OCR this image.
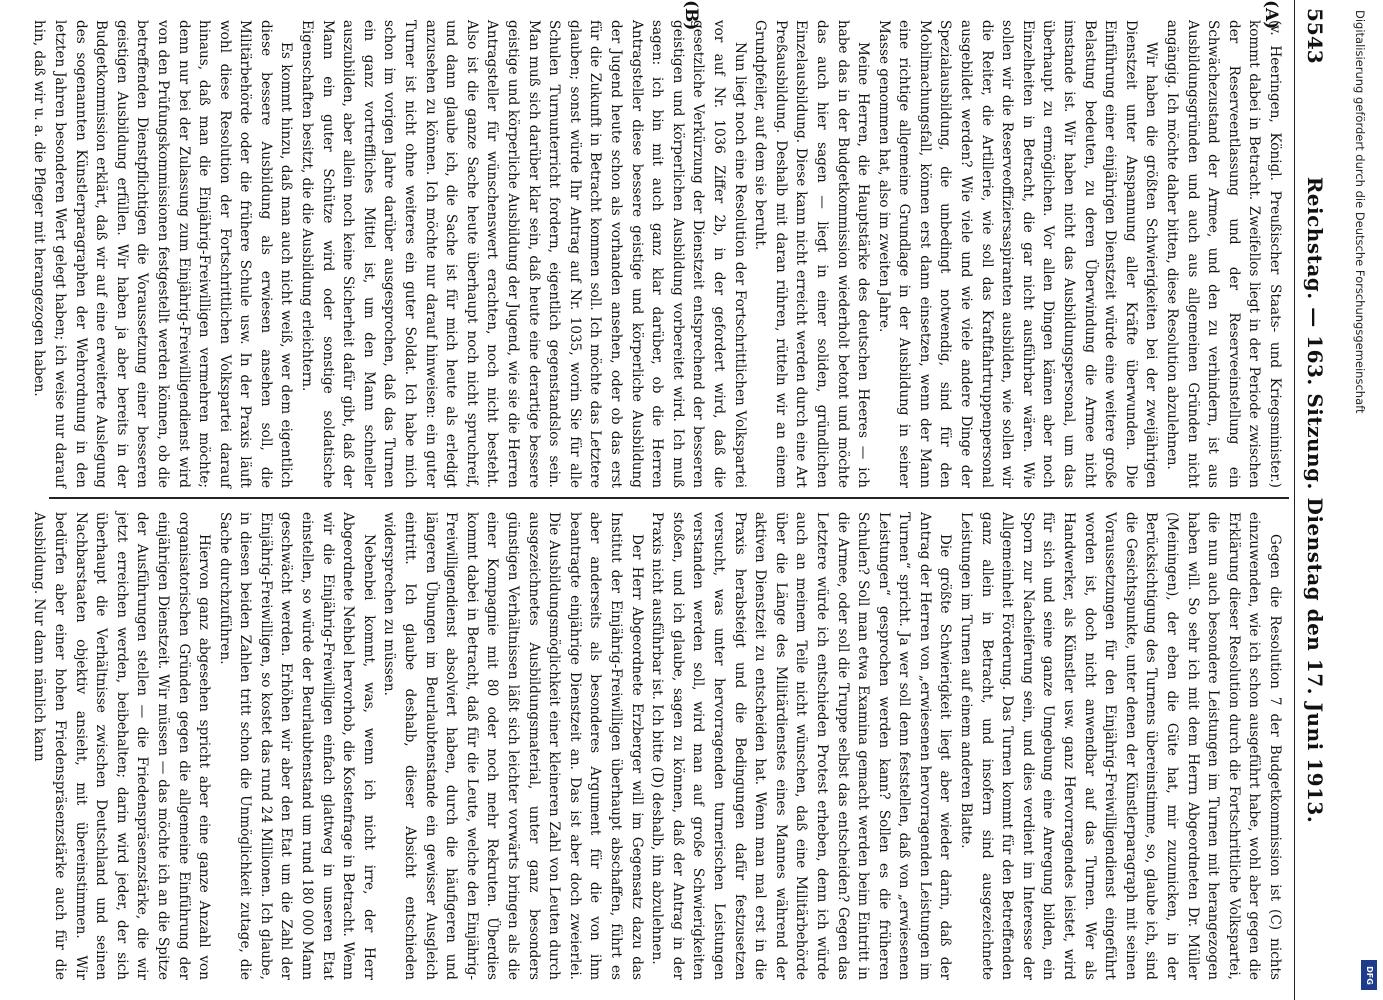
5543
Reichstag. — 163. Sitzung. Dienstag den 17. Juni 1913.
(A)
(B)

(v. Heeringen, Königl. Preußischer Staats- und Kriegsminister.) kommt dabei in Betracht. Zweifellos liegt in der Periode zwischen der Reserveentlassung und der Reserveeinstellung ein Schwächezustand der Armee, und den zu verhindern, ist aus Ausbildungsgründen und auch aus allgemeinen Gründen nicht angängig. Ich möchte daher bitten, diese Resolution abzulehnen.

Wir haben die größten Schwierigkeiten bei der zweijährigen Dienstzeit unter Anspannung aller Kräfte überwunden. Die Einführung einer einjährigen Dienstzeit würde eine weitere große Belastung bedeuten, zu deren Überwindung die Armee nicht imstande ist. Wir haben nicht das Ausbildungspersonal, um das überhaupt zu ermöglichen. Vor allen Dingen kämen aber noch Einzelheiten in Betracht, die gar nicht ausführbar wären. Wie sollen wir die Reserveoffiziersaspiranten ausbilden, wie sollen wir die Reiter, die Artillerie, wie soll das Kraftfahrtruppenpersonal ausgebildet werden? Wie viele und wie viele andere Dinge der Spezialausbildung, die unbedingt notwendig, sind für den Mobilmachungsfall, können erst dann einsetzen, wenn der Mann eine richtige allgemeine Grundlage in der Ausbildung in seiner Masse genommen hat, also im zweiten Jahre.

Meine Herren, die Hauptstärke des deutschen Heeres — ich habe das in der Budgetkommission wiederholt betont und möchte das auch hier sagen — liegt in einer soliden, gründlichen Einzelausbildung. Diese kann nicht erreicht werden durch eine Art Preßausbildung. Deshalb mit daran rühren, rütteln wir an einem Grundpfeiler, auf dem sie beruht.

Nun liegt noch eine Resolution der Fortschrittlichen Volkspartei vor auf Nr. 1036 Ziffer 2b, in der gefordert wird, daß die gesetzliche Verkürzung der Dienstzeit entsprechend der besseren geistigen und körperlichen Ausbildung vorbereitet wird. Ich muß sagen: ich bin mit auch ganz klar darüber, ob die Herren Antragsteller diese bessere geistige und körperliche Ausbildung der Jugend heute schon als vorhanden ansehen, oder ob das erst für die Zukunft in Betracht kommen soll. Ich möchte das Letztere glauben; sonst würde Ihr Antrag auf Nr. 1035, worin Sie für alle Schulen Turnunterricht fordern, eigentlich gegenstandslos sein. Man muß sich darüber klar sein, daß heute eine derartige bessere geistige und körperliche Ausbildung der Jugend, wie sie die Herren Antragsteller für wünschenswert erachten, noch nicht besteht. Also ist die ganze Sache heute überhaupt noch nicht spruchreif, und dann glaube ich, die Sache ist für mich heute als erledigt anzusehen zu können. Ich möchte nur darauf hinweisen: ein guter Turner ist nicht ohne weiteres ein guter Soldat. Ich habe mich schon im vorigen Jahre darüber ausgesprochen, daß das Turnen ein ganz vortreffliches Mittel ist, um den Mann schneller auszubilden, aber allein noch keine Sicherheit dafür gibt, daß der Mann ein guter Schütze wird oder sonstige soldatische Eigenschaften besitzt, die die Ausbildung erleichtern.

Es kommt hinzu, daß man auch nicht weiß, wer dem eigentlich diese bessere Ausbildung als erwiesen ansehen soll, die Militärbehörde oder die frühere Schule usw. In der Praxis läuft wohl diese Resolution der Fortschrittlichen Volkspartei darauf hinaus, daß man die Einjährig-Freiwilligen vermehren möchte; denn nur bei der Zulassung zum Einjährig-Freiwilligendienst wird von den Prüfungskommissionen festgestellt werden können, ob die betreffenden Dienstpflichtigen die Voraussetzung einer besseren geistigen Ausbildung erfüllen. Wir haben ja aber bereits in der Budgetkommission erklärt, daß wir auf eine erweiterte Auslegung des sogenannten Künstlerparagraphen der Wehrordnung in den letzten Jahren besonderen Wert gelegt haben; ich weise nur darauf hin, daß wir u. a. die Pfleger mit herangezogen haben.

Gegen die Resolution 7 der Budgetkommission ist (C) nichts einzuwenden, wie ich schon ausgeführt habe, wohl aber gegen die Erklärung dieser Resolution durch die Fortschrittliche Volkspartei, die nun auch besondere Leistungen im Turnen mit herangezogen haben will. So sehr ich mit dem Herrn Abgeordneten Dr. Müller (Meiningen), der eben die Güte hat, mir zuzunicken, in der Berücksichtigung des Turnens übereinstimme, so, glaube ich, sind die Gesichtspunkte, unter denen der Künstlerparagraph mit seinen Voraussetzungen für den Einjährig-Freiwilligendienst eingeführt worden ist, doch nicht anwendbar auf das Turnen. Wer als Handwerker, als Künstler usw. ganz Hervorragendes leistet, wird für sich und seine ganze Umgebung eine Anregung bilden, ein Sporn zur Nacheiferung sein, und dies verdient im Interesse der Allgemeinheit Förderung. Das Turnen kommt für den Betreffenden ganz allein in Betracht, und insofern sind ausgezeichnete Leistungen im Turnen auf einem anderen Blatte.

Die größte Schwierigkeit liegt aber wieder darin, daß der Antrag der Herren von „erwiesenen hervorragenden Leistungen im Turnen“ spricht. Ja wer soll denn feststellen, daß von „erwiesenen Leistungen“ gesprochen werden kann? Sollen es die früheren Schulen? Soll man etwa Examina gemacht werden beim Eintritt in die Armee, oder soll die Truppe selbst das entscheiden? Gegen das Letztere würde ich entschieden Protest erheben, denn ich würde auch an meinem Teile nicht wünschen, daß eine Militärbehörde über die Länge des Militärdienstes eines Mannes während der aktiven Dienstzeit zu entscheiden hat. Wenn man mal erst in die Praxis herabsteigt und die Bedingungen dafür festzusetzen versucht, was unter hervorragenden turnerischen Leistungen verstanden werden soll, wird man auf große Schwierigkeiten stoßen, und ich glaube, sagen zu können, daß der Antrag in der Praxis nicht ausführbar ist. Ich bitte (D) deshalb, ihn abzulehnen.

Der Herr Abgeordnete Erzberger will im Gegensatz dazu das Institut der Einjährig-Freiwilligen überhaupt abschaffen, führt es aber anderseits als besonderes Argument für die von ihm beantragte einjährige Dienstzeit an. Das ist aber doch zweierlei. Die Ausbildungsmöglichkeit einer kleineren Zahl von Leuten durch ausgezeichnetes Ausbildungsmaterial, unter ganz besonders günstigen Verhältnissen läßt sich leichter vorwärts bringen als die einer Kompagnie mit 80 oder noch mehr Rekruten. Überdies kommt dabei in Betracht, daß für die Leute, welche den Einjährig-Freiwilligendienst absolviert haben, durch die häufigeren und längeren Übungen im Beurlaubtenstande ein gewisser Ausgleich eintritt. Ich glaube deshalb, dieser Absicht entschieden widersprechen zu müssen.

Nebenbei kommt, was, wenn ich nicht irre, der Herr Abgeordnete Nehbel hervorhob, die Kostenfrage in Betracht. Wenn wir die Einjährig-Freiwilligen einfach glattweg in unseren Etat einstellen, so würde der Beurlaubtenstand um rund 180 000 Mann geschwächt werden. Erhöhen wir aber den Etat um die Zahl der Einjährig-Freiwilligen, so kostet das rund 24 Millionen. Ich glaube, in diesen beiden Zahlen tritt schon die Unmöglichkeit zutage, die Sache durchzuführen.

Hiervon ganz abgesehen spricht aber eine ganze Anzahl von organisatorischen Gründen gegen die allgemeine Einführung der einjährigen Dienstzeit. Wir müssen — das möchte ich an die Spitze der Ausführungen stellen — die Friedenspräsenzstärke, die wir jetzt erreichen werden, beibehalten; darin wird jeder, der sich überhaupt die Verhältnisse zwischen Deutschland und seinen Nachbarstaaten objektiv ansieht, mit übereinstimmen. Wir bedürfen aber einer hohen Friedenspräsenzstärke auch für die Ausbildung. Nur dann nämlich kann

Digitalisierung gefördert durch die Deutsche Forschungsgemeinschaft
DFG
